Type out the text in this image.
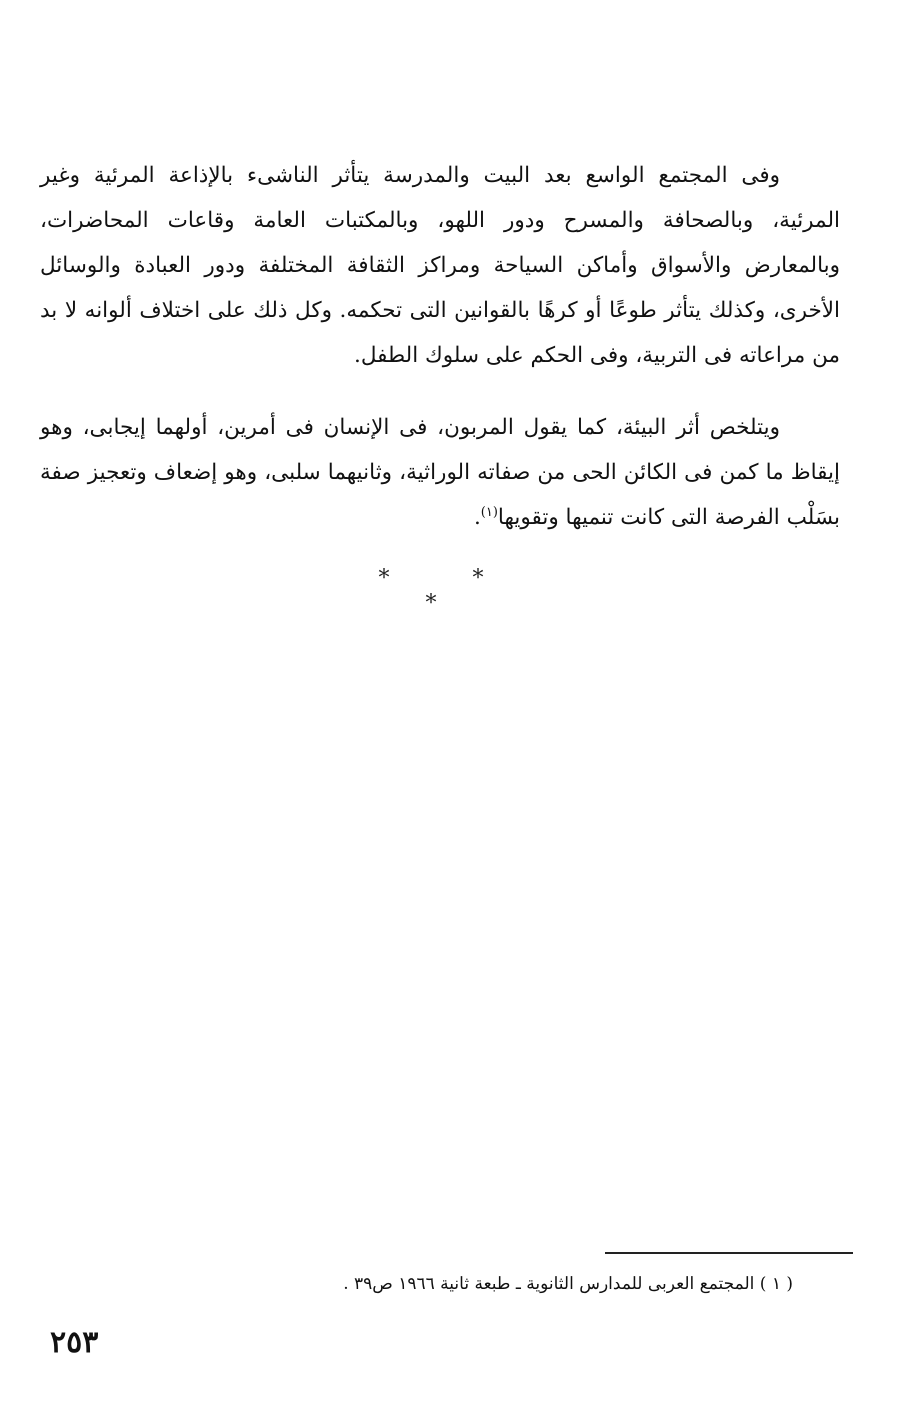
وفى المجتمع الواسع بعد البيت والمدرسة يتأثر الناشىء بالإذاعة المرئية وغير المرئية، وبالصحافة والمسرح ودور اللهو، وبالمكتبات العامة وقاعات المحاضرات، وبالمعارض والأسواق وأماكن السياحة ومراكز الثقافة المختلفة ودور العبادة والوسائل الأخرى، وكذلك يتأثر طوعًا أو كرهًا بالقوانين التى تحكمه. وكل ذلك على اختلاف ألوانه لا بد من مراعاته فى التربية، وفى الحكم على سلوك الطفل.

ويتلخص أثر البيئة، كما يقول المربون، فى الإنسان فى أمرين، أولهما إيجابى، وهو إيقاظ ما كمن فى الكائن الحى من صفاته الوراثية، وثانيهما سلبى، وهو إضعاف وتعجيز صفة بسَلْب الفرصة التى كانت تنميها وتقويها$^{(١)}$.

* * *
( ١ ) المجتمع العربى للمدارس الثانوية ـ طبعة ثانية ١٩٦٦ ص٣٩ .
٢٥٣
